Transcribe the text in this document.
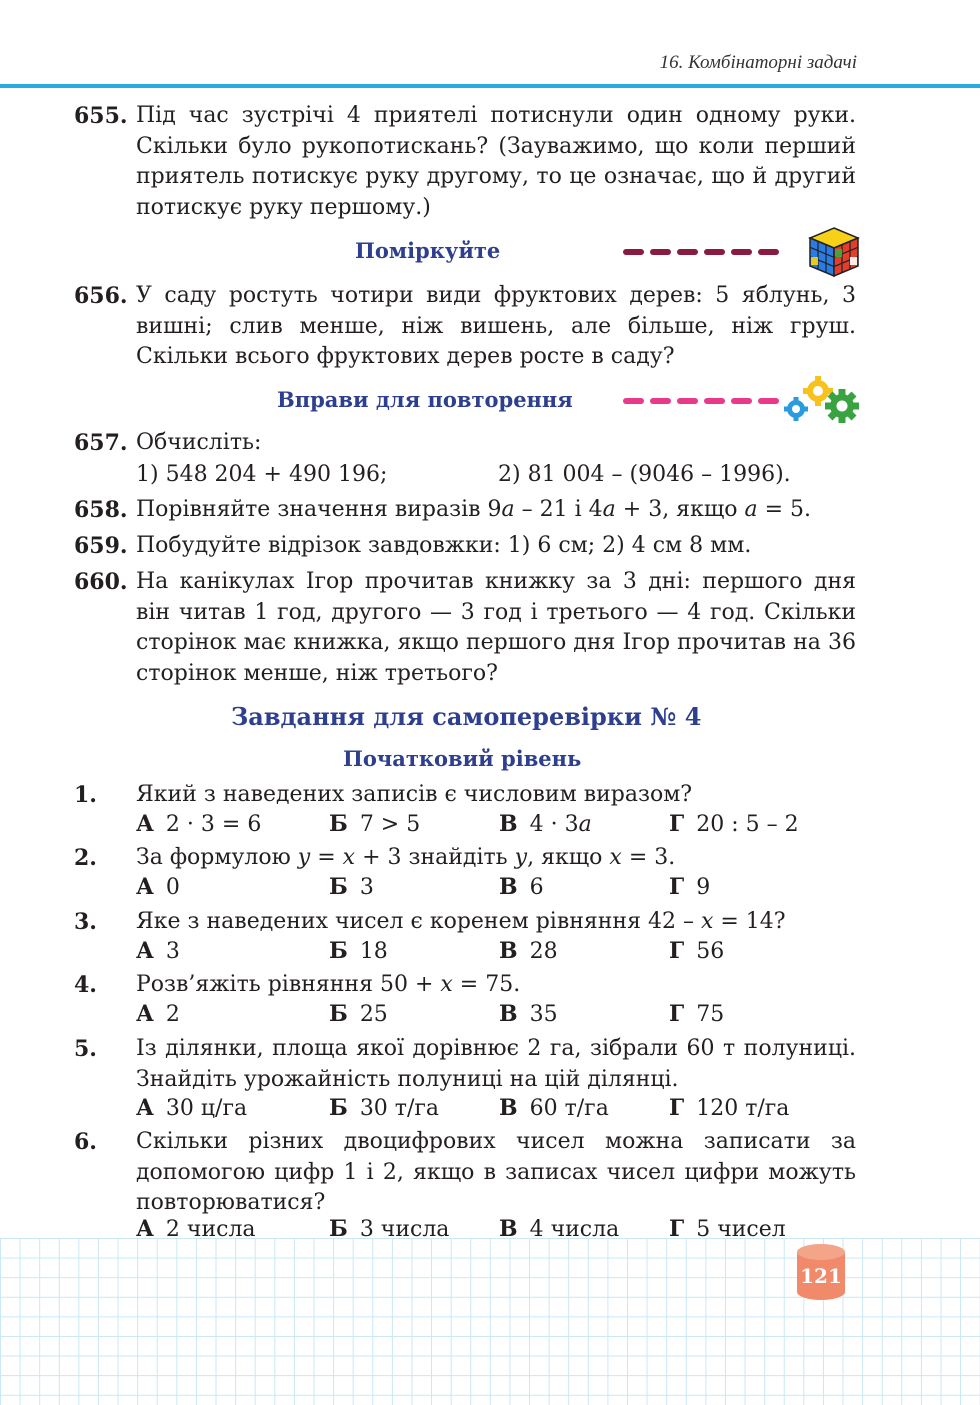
16. Комбінаторні задачі
655. Під час зустрічі 4 приятелі потиснули один одному руки. Скільки було рукопотискань? (Зауважимо, що коли перший приятель потискує руку другому, то це означає, що й другий потискує руку першому.)
Поміркуйте
656. У саду ростуть чотири види фруктових дерев: 5 яблунь, 3 вишні; слив менше, ніж вишень, але більше, ніж груш. Скільки всього фруктових дерев росте в саду?
Вправи для повторення
657. Обчисліть:
1) 548 204 + 490 196;	2) 81 004 – (9046 – 1996).
658. Порівняйте значення виразів 9a – 21 і 4a + 3, якщо a = 5.
659. Побудуйте відрізок завдовжки: 1) 6 см; 2) 4 см 8 мм.
660. На канікулах Ігор прочитав книжку за 3 дні: першого дня він читав 1 год, другого — 3 год і третього — 4 год. Скільки сторінок має книжка, якщо першого дня Ігор прочитав на 36 сторінок менше, ніж третього?
Завдання для самоперевірки № 4
Початковий рівень
1. Який з наведених записів є числовим виразом?
А 2 · 3 = 6	Б 7 > 5	В 4 · 3a	Г 20 : 5 – 2
2. За формулою y = x + 3 знайдіть y, якщо x = 3.
А 0	Б 3	В 6	Г 9
3. Яке з наведених чисел є коренем рівняння 42 – x = 14?
А 3	Б 18	В 28	Г 56
4. Розв’яжіть рівняння 50 + x = 75.
А 2	Б 25	В 35	Г 75
5. Із ділянки, площа якої дорівнює 2 га, зібрали 60 т полуниці. Знайдіть урожайність полуниці на цій ділянці.
А 30 ц/га	Б 30 т/га	В 60 т/га	Г 120 т/га
6. Скільки різних двоцифрових чисел можна записати за допомогою цифр 1 і 2, якщо в записах чисел цифри можуть повторюватися?
А 2 числа	Б 3 числа В 4 числа Г 5 чисел
121
